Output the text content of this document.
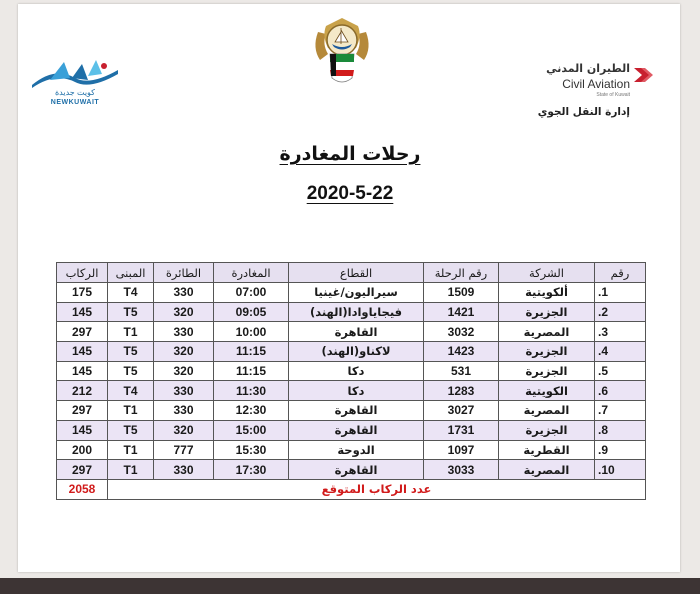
كويت جديدة
NEWKUWAIT
الطيران المدني
Civil Aviation
State of Kuwait
إدارة النقل الجوي
رحلات المغادرة
2020-5-22
رقم	الشركة	رقم الرحلة	القطاع	المغادرة	الطائرة	المبنى	الركاب
1.	ألكويتية	1509	سيراليون/غينيا	07:00	330	T4	175
2.	الجزيرة	1421	فيجاياوادا(الهند)	09:05	320	T5	145
3.	المصرية	3032	القاهرة	10:00	330	T1	297
4.	الجزيرة	1423	لاكناو(الهند)	11:15	320	T5	145
5.	الجزيرة	531	دكا	11:15	320	T5	145
6.	الكويتية	1283	دكا	11:30	330	T4	212
7.	المصرية	3027	القاهرة	12:30	330	T1	297
8.	الجزيرة	1731	القاهرة	15:00	320	T5	145
9.	القطرية	1097	الدوحة	15:30	777	T1	200
10.	المصرية	3033	القاهرة	17:30	330	T1	297
عدد الركاب المتوقع							2058
